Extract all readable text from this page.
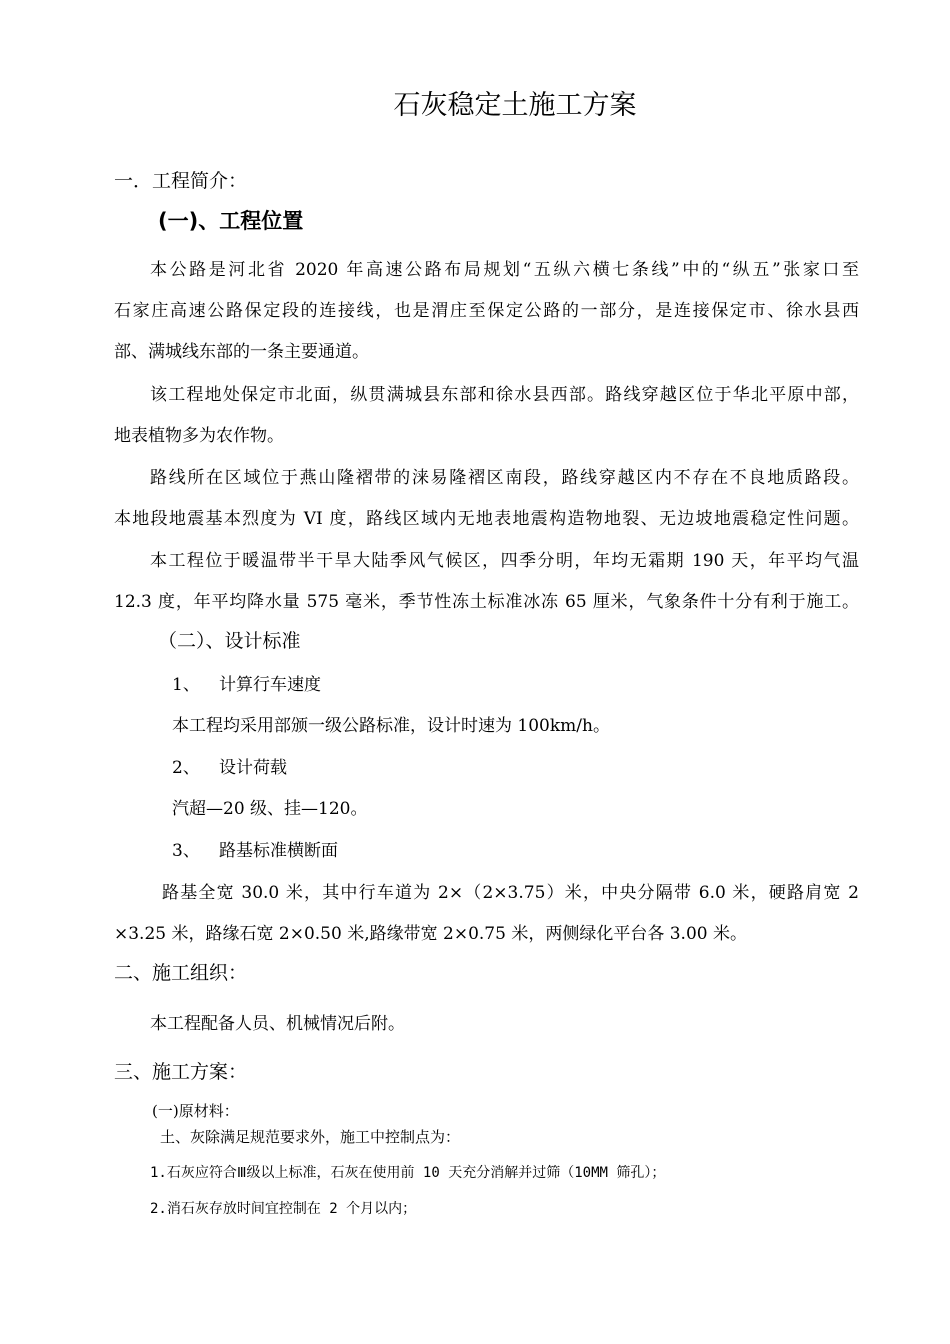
石灰稳定土施工方案
一．工程简介：
(一)、工程位置
本公路是河北省 2020 年高速公路布局规划“五纵六横七条线”中的“纵五”张家口至
石家庄高速公路保定段的连接线，也是渭庄至保定公路的一部分，是连接保定市、徐水县西
部、满城线东部的一条主要通道。
该工程地处保定市北面，纵贯满城县东部和徐水县西部。路线穿越区位于华北平原中部，
地表植物多为农作物。
路线所在区域位于燕山隆褶带的涞易隆褶区南段，路线穿越区内不存在不良地质路段。
本地段地震基本烈度为 VI 度，路线区域内无地表地震构造物地裂、无边坡地震稳定性问题。
本工程位于暖温带半干旱大陆季风气候区，四季分明，年均无霜期 190 天，年平均气温
12.3 度，年平均降水量 575 毫米，季节性冻土标准冰冻 65 厘米，气象条件十分有利于施工。
（二）、设计标准
1、 计算行车速度
本工程均采用部颁一级公路标准，设计时速为 100km/h。
2、 设计荷载
汽超—20 级、挂—120。
3、 路基标准横断面
路基全宽 30.0 米，其中行车道为 2×（2×3.75）米，中央分隔带 6.0 米，硬路肩宽 2
×3.25 米，路缘石宽 2×0.50 米,路缘带宽 2×0.75 米，两侧绿化平台各 3.00 米。
二、施工组织：
本工程配备人员、机械情况后附。
三、施工方案：
(一)原材料：
土、灰除满足规范要求外，施工中控制点为：
1.石灰应符合Ⅲ级以上标准，石灰在使用前 10 天充分消解并过筛（10MM 筛孔）；
2.消石灰存放时间宜控制在 2 个月以内；
